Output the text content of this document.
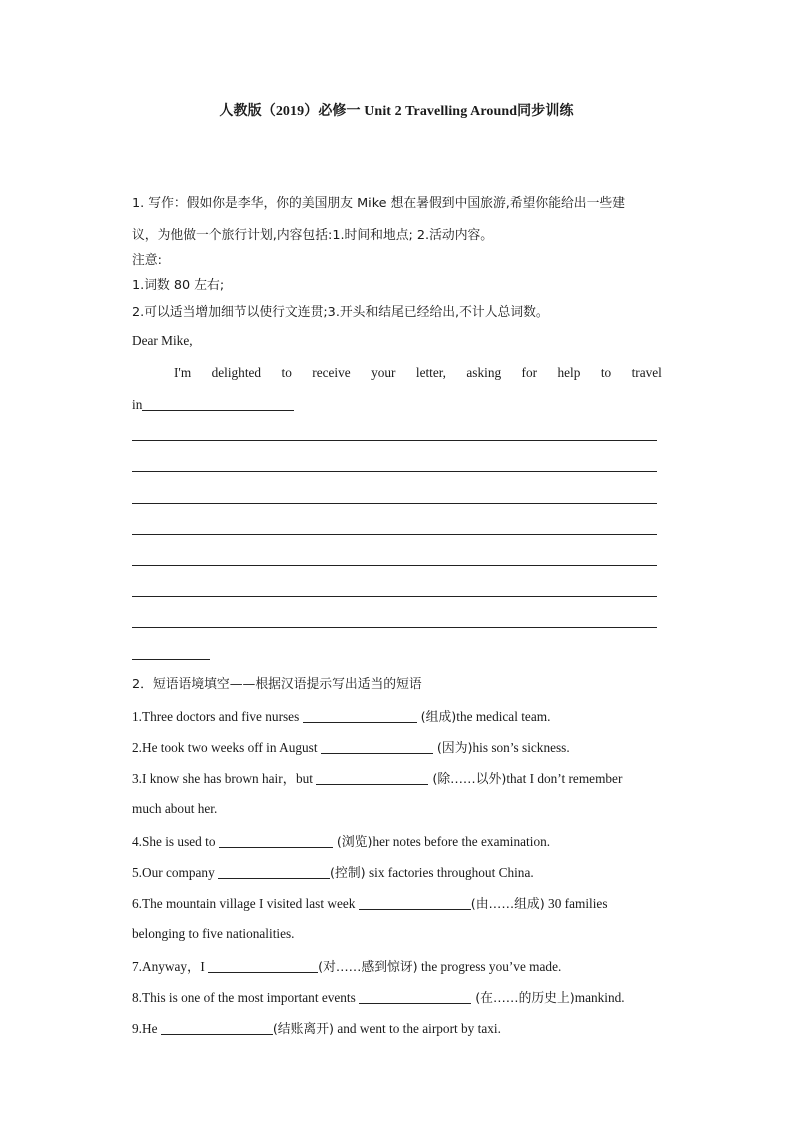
人教版（2019）必修一 Unit 2 Travelling Around同步训练
1. 写作：假如你是李华，你的美国朋友 Mike 想在暑假到中国旅游,希望你能给出一些建
议，为他做一个旅行计划,内容包括:1.时间和地点; 2.活动内容。
注意:
1.词数 80 左右;
2.可以适当增加细节以使行文连贯;3.开头和结尾已经给出,不计人总词数。
Dear Mike,
I'm delighted to receive your letter, asking for help to travel
in
2．短语语境填空——根据汉语提示写出适当的短语
1.Three doctors and five nurses	(组成)the medical team.
2.He took two weeks off in August	(因为)his son’s sickness.
3.I know she has brown hair，but	(除……以外)that I don’t remember
much about her.
4.She is used to	(浏览)her notes before the examination.
5.Our company	(控制) six factories throughout China.
6.The mountain village I visited last week	(由……组成) 30 families
belonging to five nationalities.
7.Anyway，I	(对……感到惊讶) the progress you’ve made.
8.This is one of the most important events	(在……的历史上)mankind.
9.He	(结账离开) and went to the airport by taxi.
